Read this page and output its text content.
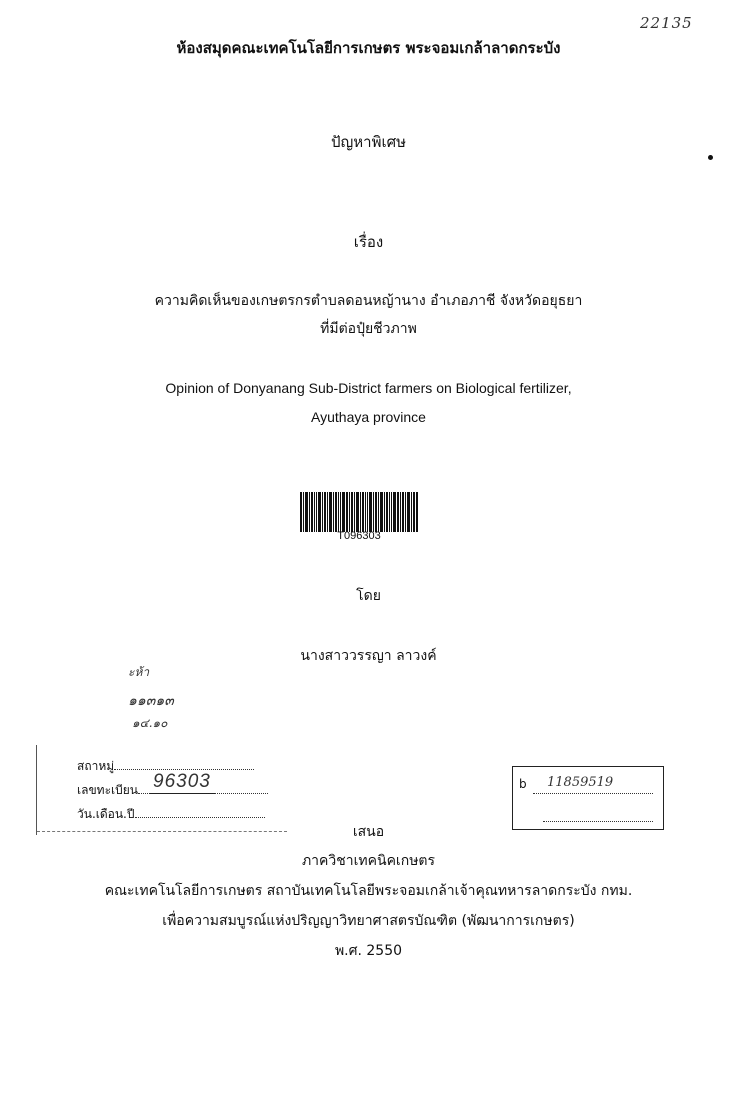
ห้องสมุดคณะเทคโนโลยีการเกษตร พระจอมเกล้าลาดกระบัง
22135
ปัญหาพิเศษ
เรื่อง
ความคิดเห็นของเกษตรกรตำบลดอนหญ้านาง อำเภอภาชี จังหวัดอยุธยา
ที่มีต่อปุ๋ยชีวภาพ
Opinion of Donyanang Sub-District farmers on Biological fertilizer,
Ayuthaya province
T096303
โดย
นางสาววรรญา ลาวงค์
ะห้า
๑๑๓๑๓
๑๔.๑๐
สถาหมู่
เลขทะเบียน 96303
วัน.เดือน.ปี
b 11859519
เสนอ
ภาควิชาเทคนิคเกษตร
คณะเทคโนโลยีการเกษตร สถาบันเทคโนโลยีพระจอมเกล้าเจ้าคุณทหารลาดกระบัง กทม.
เพื่อความสมบูรณ์แห่งปริญญาวิทยาศาสตรบัณฑิต (พัฒนาการเกษตร)
พ.ศ. 2550
